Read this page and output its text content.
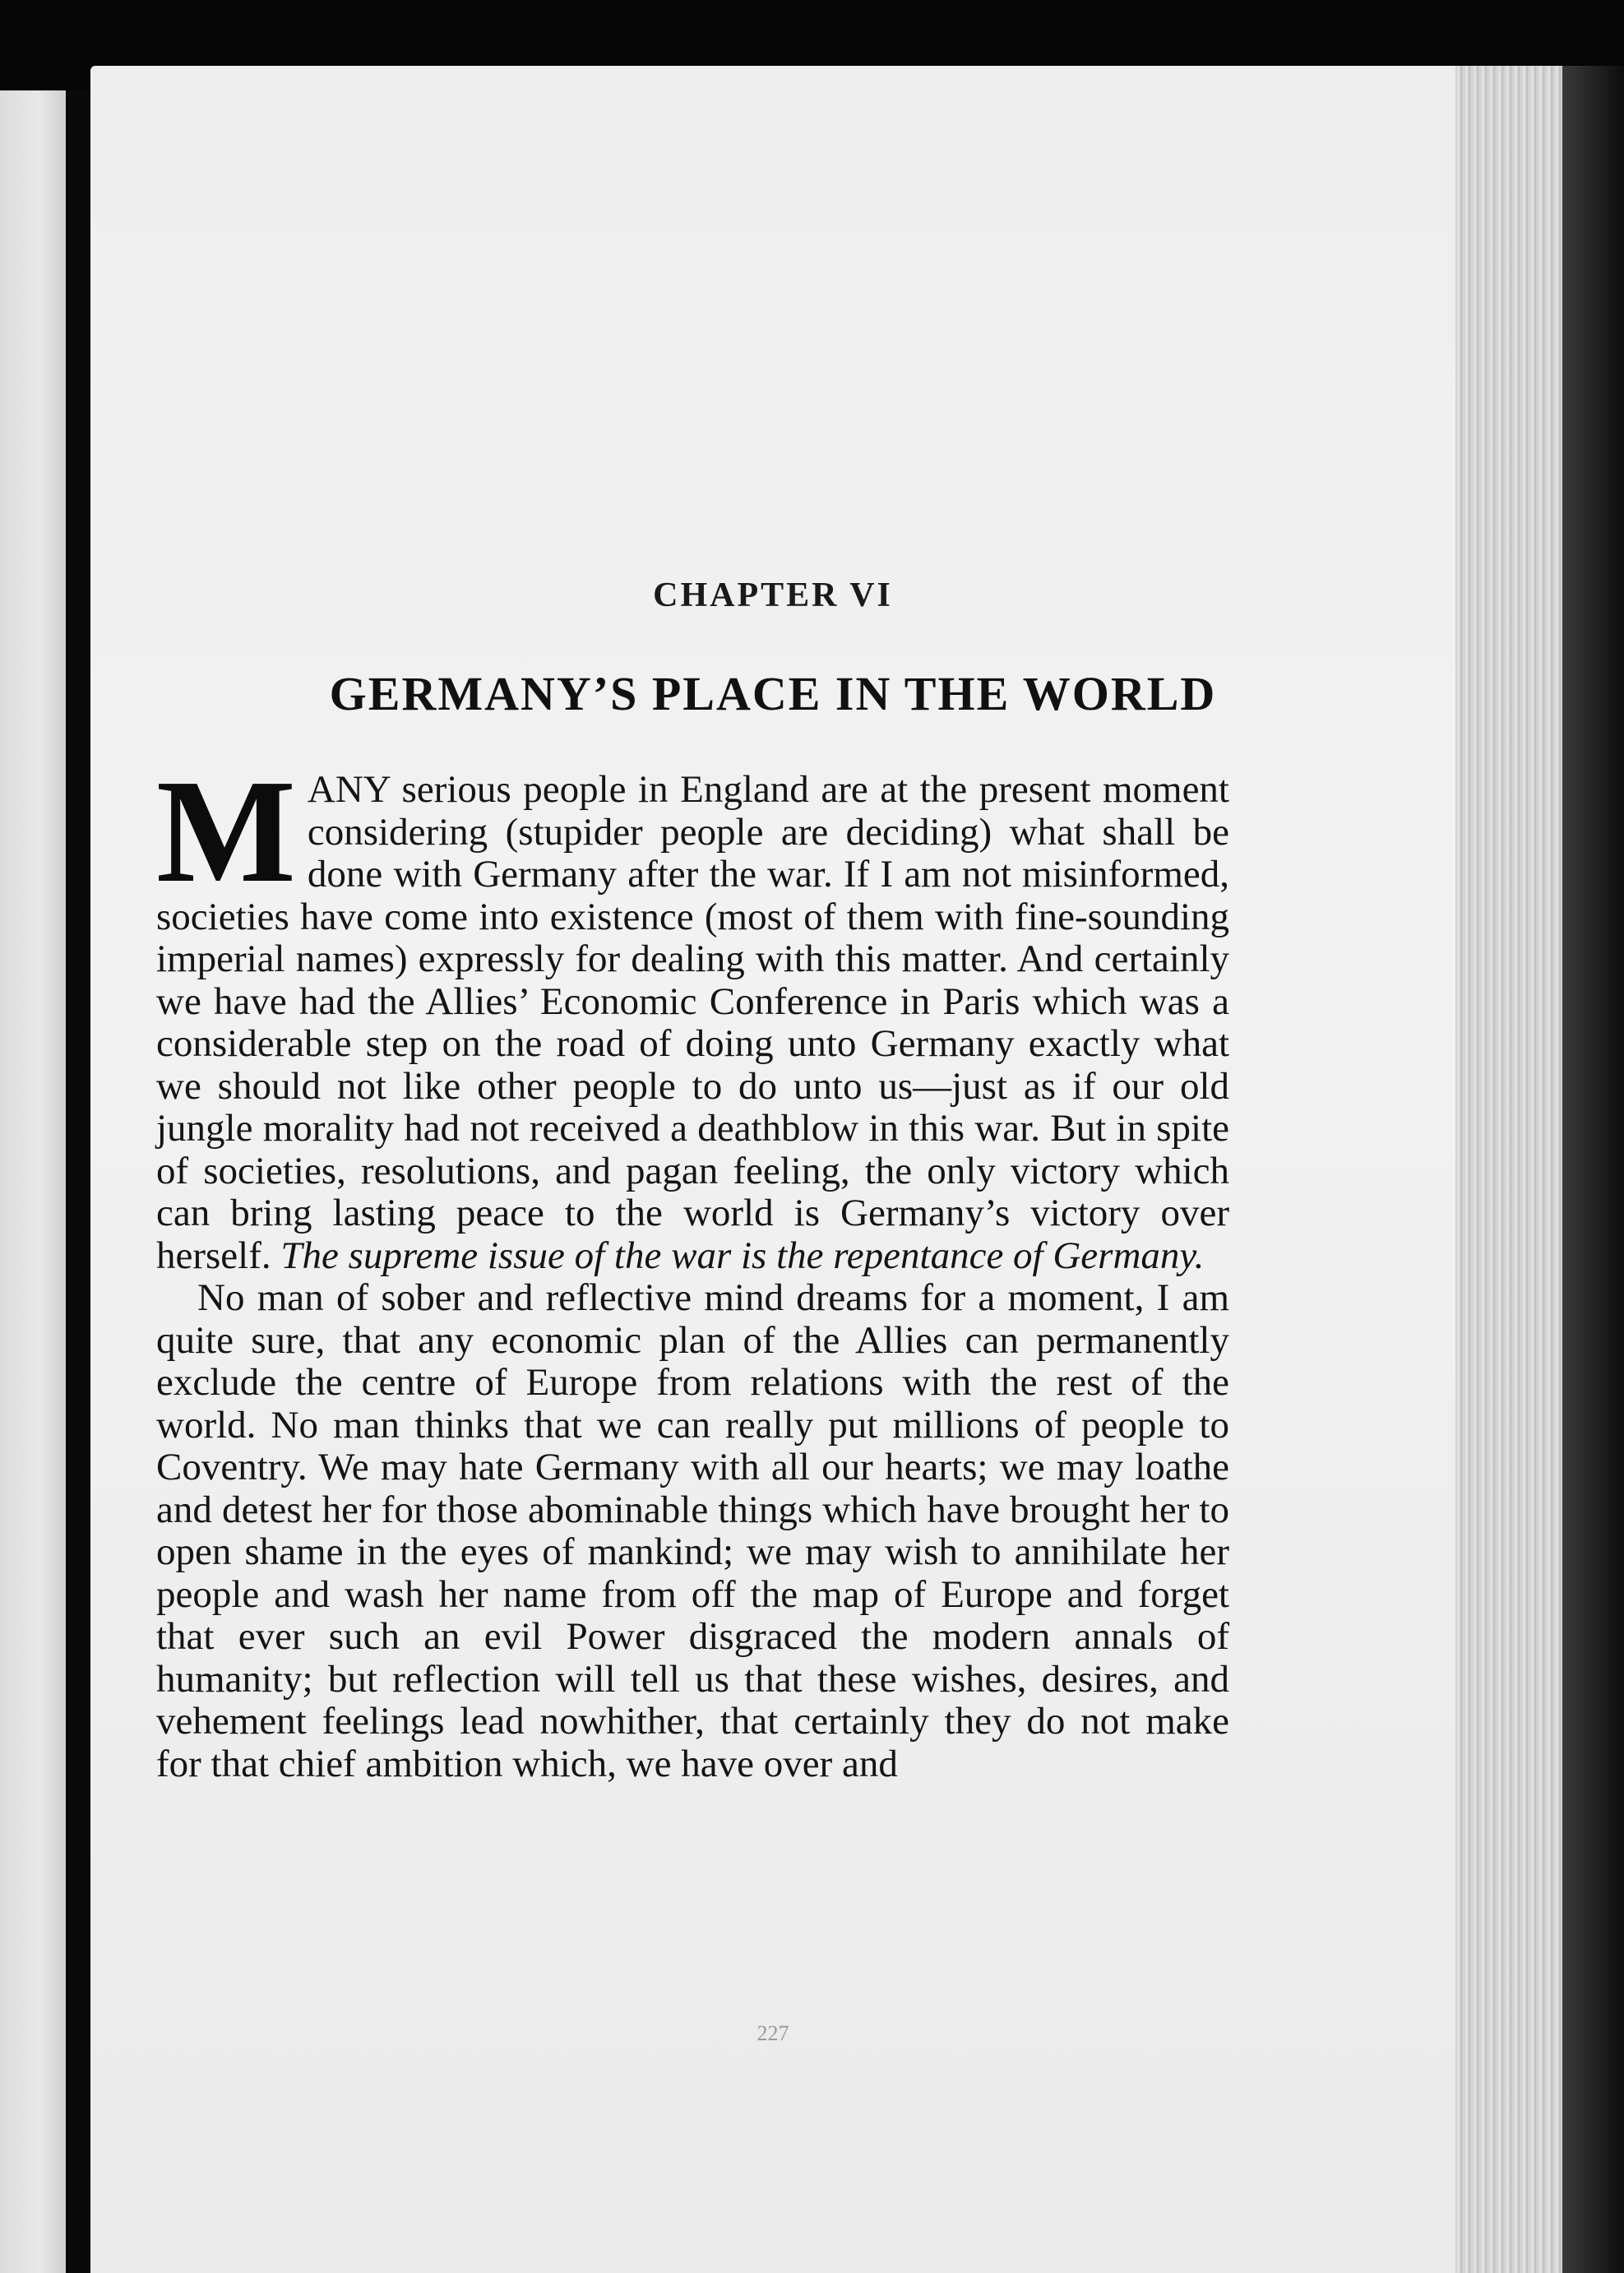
CHAPTER VI
GERMANY’S PLACE IN THE WORLD

M ANY serious people in England are at the present moment considering (stupider people are deciding) what shall be done with Germany after the war. If I am not misinformed, societies have come into existence (most of them with fine-sounding imperial names) expressly for dealing with this matter. And certainly we have had the Allies’ Economic Conference in Paris which was a considerable step on the road of doing unto Germany exactly what we should not like other people to do unto us—just as if our old jungle morality had not received a deathblow in this war. But in spite of societies, resolutions, and pagan feeling, the only victory which can bring lasting peace to the world is Germany’s victory over herself. The supreme issue of the war is the repentance of Germany.

No man of sober and reflective mind dreams for a moment, I am quite sure, that any economic plan of the Allies can permanently exclude the centre of Europe from relations with the rest of the world. No man thinks that we can really put millions of people to Coventry. We may hate Germany with all our hearts; we may loathe and detest her for those abominable things which have brought her to open shame in the eyes of mankind; we may wish to annihilate her people and wash her name from off the map of Europe and forget that ever such an evil Power disgraced the modern annals of humanity; but reflection will tell us that these wishes, desires, and vehement feelings lead nowhither, that certainly they do not make for that chief ambition which, we have over and

227
